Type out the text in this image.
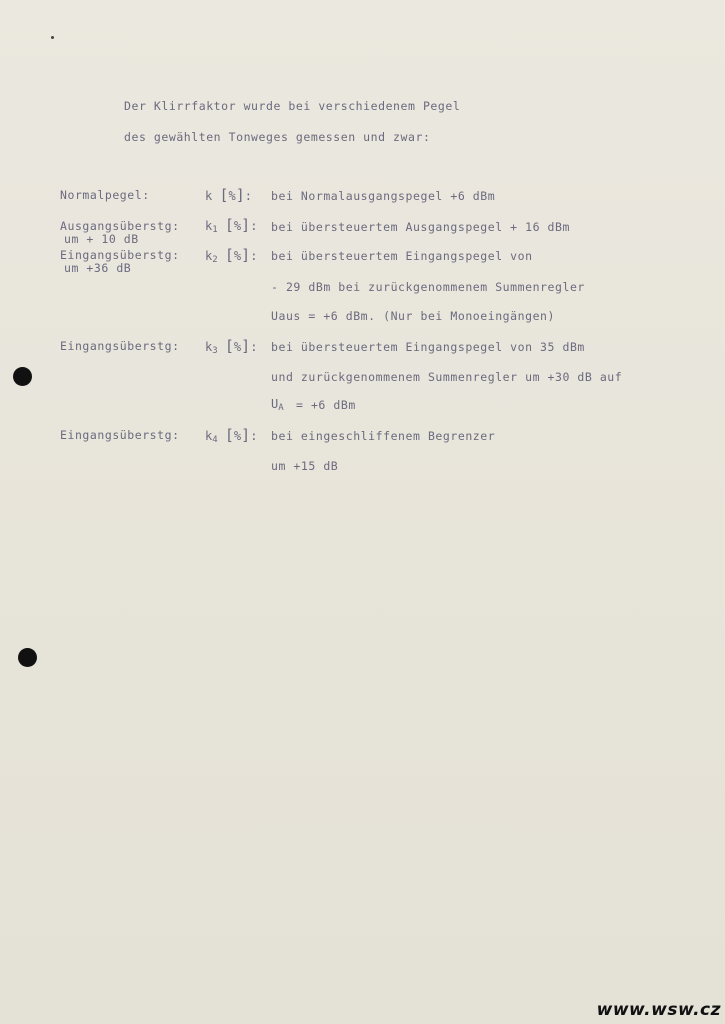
Der Klirrfaktor wurde bei verschiedenem Pegel
des gewählten Tonweges gemessen und zwar:
Normalpegel:	k [%]: bei Normalausgangspegel +6 dBm
Ausgangsüberstg:
um + 10 dB
$k_1$ [%]: bei übersteuertem Ausgangspegel + 16 dBm
Eingangsüberstg:
um +36 dB
$k_2$ [%]: bei übersteuertem Eingangspegel von
- 29 dBm bei zurückgenommenem Summenregler
Uaus = +6 dBm. (Nur bei Monoeingängen)
Eingangsüberstg: $k_3$ [%]: bei übersteuertem Eingangspegel von 35 dBm
und zurückgenommenem Summenregler um +30 dB auf
$U_A = +6$ dBm
Eingangsüberstg: $k_4$ [%]: bei eingeschliffenem Begrenzer
um +15 dB
www.wsw.cz
